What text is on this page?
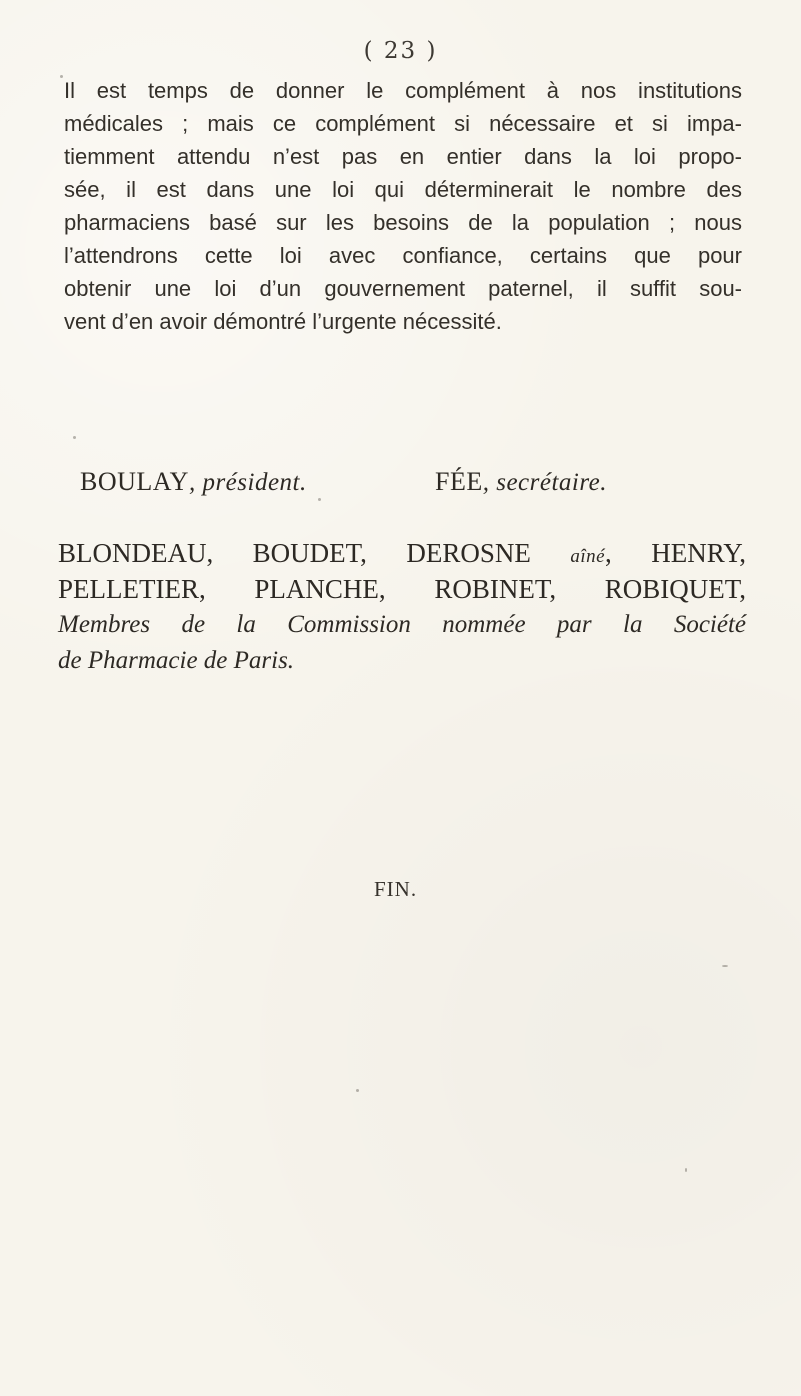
( 23 )
Il est temps de donner le complément à nos institutions
médicales ; mais ce complément si nécessaire et si impa-
tiemment attendu n’est pas en entier dans la loi propo-
sée, il est dans une loi qui déterminerait le nombre des
pharmaciens basé sur les besoins de la population ; nous
l’attendrons cette loi avec confiance, certains que pour
obtenir une loi d’un gouvernement paternel, il suffit sou-
vent d’en avoir démontré l’urgente nécessité.
BOULAY, président.	FÉE, secrétaire.
BLONDEAU, BOUDET, DEROSNE aîné, HENRY,
PELLETIER, PLANCHE, ROBINET, ROBIQUET,
Membres de la Commission nommée par la Société
de Pharmacie de Paris.
FIN.
